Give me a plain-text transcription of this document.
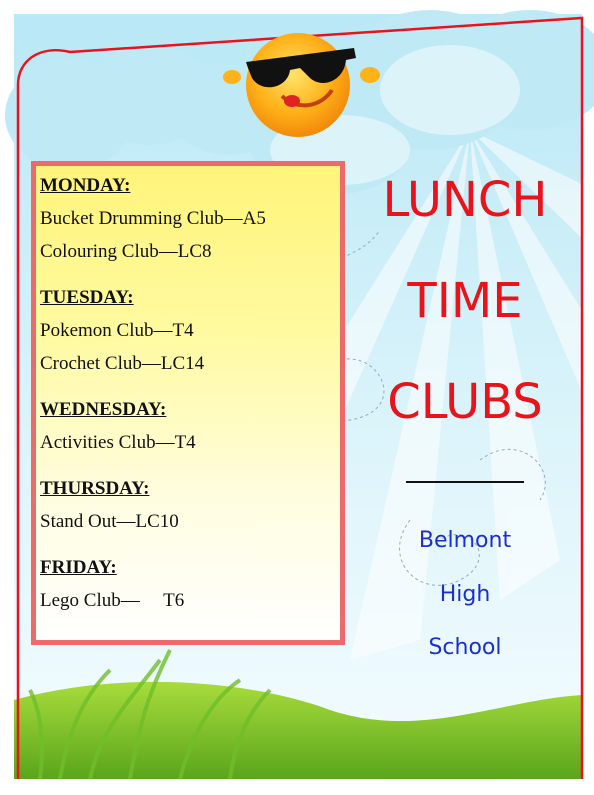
MONDAY:
Bucket Drumming Club—A5
Colouring Club—LC8
TUESDAY:
Pokemon Club—T4
Crochet Club—LC14
WEDNESDAY:
Activities Club—T4
THURSDAY:
Stand Out—LC10
FRIDAY:
Lego Club—     T6
LUNCH
TIME
CLUBS
Belmont
High
School
